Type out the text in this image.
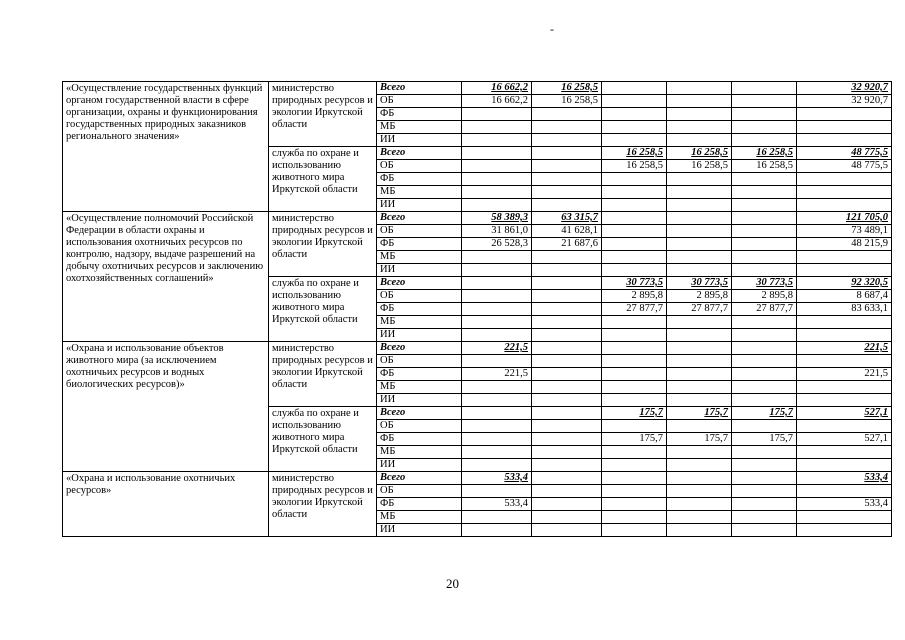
-
«Осуществление государственных функций органом государственной власти в сфере организации, охраны и функционирования государственных природных заказников регионального значения»	министерство природных ресурсов и экологии Иркутской области	Всего	16 662,2	16 258,5				32 920,7
		ОБ	16 662,2	16 258,5				32 920,7
		ФБ						
		МБ						
		ИИ						
	служба по охране и использованию животного мира Иркутской области	Всего			16 258,5	16 258,5	16 258,5	48 775,5
		ОБ			16 258,5	16 258,5	16 258,5	48 775,5
		ФБ						
		МБ						
		ИИ						
«Осуществление полномочий Российской Федерации в области охраны и использования охотничьих ресурсов по контролю, надзору, выдаче разрешений на добычу охотничьих ресурсов и заключению охотхозяйственных соглашений»	министерство природных ресурсов и экологии Иркутской области	Всего	58 389,3	63 315,7				121 705,0
		ОБ	31 861,0	41 628,1				73 489,1
		ФБ	26 528,3	21 687,6				48 215,9
		МБ						
		ИИ						
	служба по охране и использованию животного мира Иркутской области	Всего			30 773,5	30 773,5	30 773,5	92 320,5
		ОБ			2 895,8	2 895,8	2 895,8	8 687,4
		ФБ			27 877,7	27 877,7	27 877,7	83 633,1
		МБ						
		ИИ						
«Охрана и использование объектов животного мира (за исключением охотничьих ресурсов и водных биологических ресурсов)»	министерство природных ресурсов и экологии Иркутской области	Всего	221,5					221,5
		ОБ						
		ФБ	221,5					221,5
		МБ						
		ИИ						
	служба по охране и использованию животного мира Иркутской области	Всего			175,7	175,7	175,7	527,1
		ОБ						
		ФБ			175,7	175,7	175,7	527,1
		МБ						
		ИИ						
«Охрана и использование охотничьих ресурсов»	министерство природных ресурсов и экологии Иркутской области	Всего	533,4					533,4
		ОБ						
		ФБ	533,4					533,4
		МБ						
		ИИ						
20
